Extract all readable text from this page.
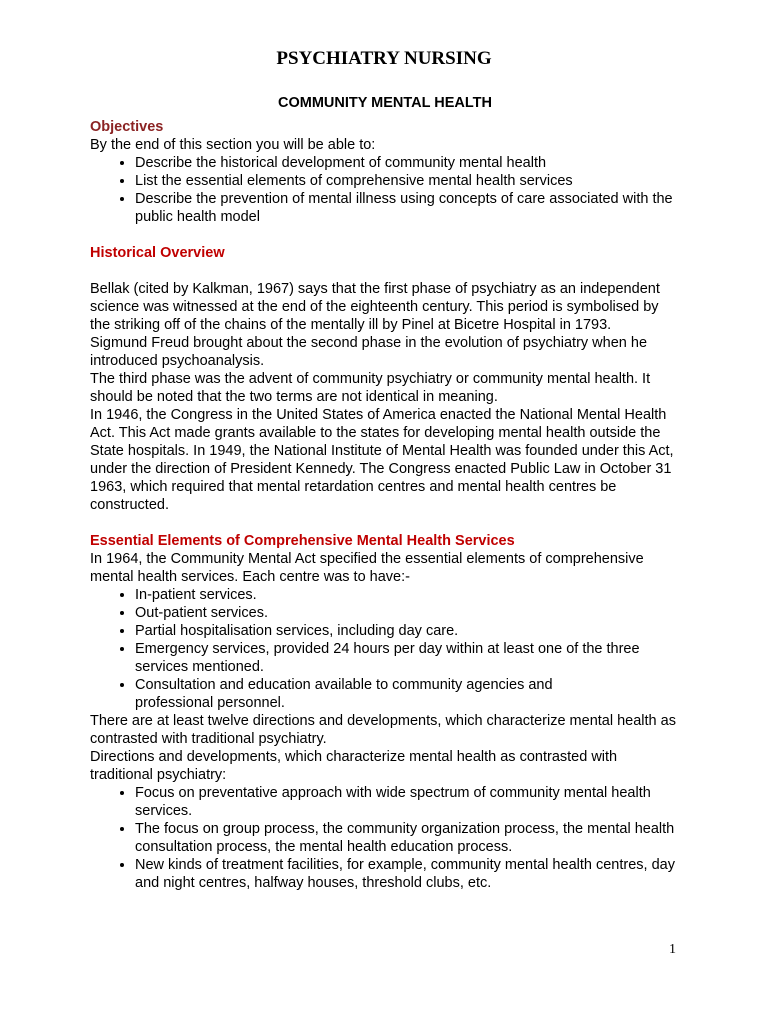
PSYCHIATRY NURSING
COMMUNITY MENTAL HEALTH
Objectives

By the end of this section you will be able to:

• Describe the historical development of community mental health
• List the essential elements of comprehensive mental health services
• Describe the prevention of mental illness using concepts of care associated with the public health model
Historical Overview

Bellak (cited by Kalkman, 1967) says that the first phase of psychiatry as an independent science was witnessed at the end of the eighteenth century. This period is symbolised by the striking off of the chains of the mentally ill by Pinel at Bicetre Hospital in 1793.

Sigmund Freud brought about the second phase in the evolution of psychiatry when he introduced psychoanalysis.

The third phase was the advent of community psychiatry or community mental health. It should be noted that the two terms are not identical in meaning.

In 1946, the Congress in the United States of America enacted the National Mental Health Act. This Act made grants available to the states for developing mental health outside the State hospitals. In 1949, the National Institute of Mental Health was founded under this Act, under the direction of President Kennedy. The Congress enacted Public Law in October 31 1963, which required that mental retardation centres and mental health centres be constructed.

Essential Elements of Comprehensive Mental Health Services

In 1964, the Community Mental Act specified the essential elements of comprehensive mental health services. Each centre was to have:-

• In-patient services.
• Out-patient services.
• Partial hospitalisation services, including day care.
• Emergency services, provided 24 hours per day within at least one of the three services mentioned.
• Consultation and education available to community agencies and professional personnel.

There are at least twelve directions and developments, which characterize mental health as contrasted with traditional psychiatry.

Directions and developments, which characterize mental health as contrasted with traditional psychiatry:

• Focus on preventative approach with wide spectrum of community mental health services.
• The focus on group process, the community organization process, the mental health consultation process, the mental health education process.
• New kinds of treatment facilities, for example, community mental health centres, day and night centres, halfway houses, threshold clubs, etc.
1
